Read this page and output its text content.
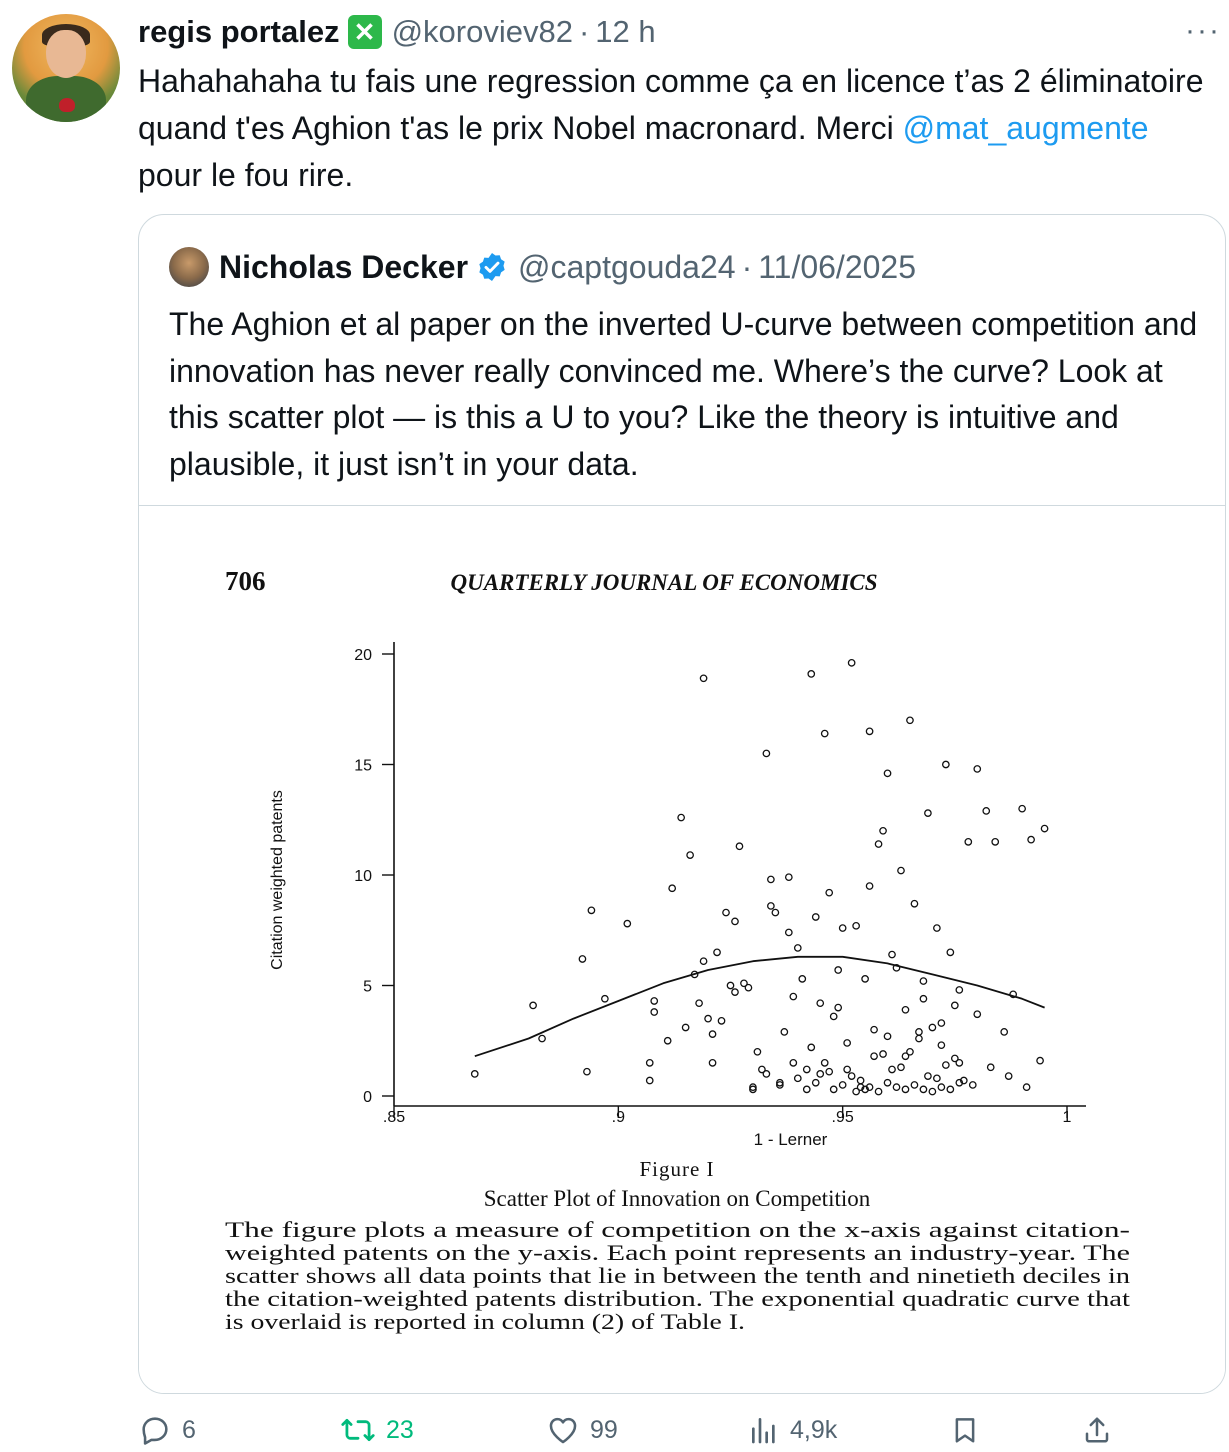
regis portalez ✕ @koroviev82 · 12 h	···
Hahahahaha tu fais une regression comme ça en licence t’as 2 éliminatoire quand t'es Aghion t'as le prix Nobel macronard. Merci @mat_augmente pour le fou rire.
Nicholas Decker @captgouda24 · 11/06/2025
The Aghion et al paper on the inverted U-curve between competition and innovation has never really convinced me. Where’s the curve? Look at this scatter plot — is this a U to you? Like the theory is intuitive and plausible, it just isn’t in your data.
706	QUARTERLY JOURNAL OF ECONOMICS
0
5
10
15
20
.85	.9	.95	1
1 - Lerner
Citation weighted patents
Figure I
Scatter Plot of Innovation on Competition
The figure plots a measure of competition on the x-axis against citation-
weighted patents on the y-axis. Each point represents an industry-year. The
scatter shows all data points that lie in between the tenth and ninetieth deciles in
the citation-weighted patents distribution. The exponential quadratic curve that
is overlaid is reported in column (2) of Table I.
6	23	99	4,9k
